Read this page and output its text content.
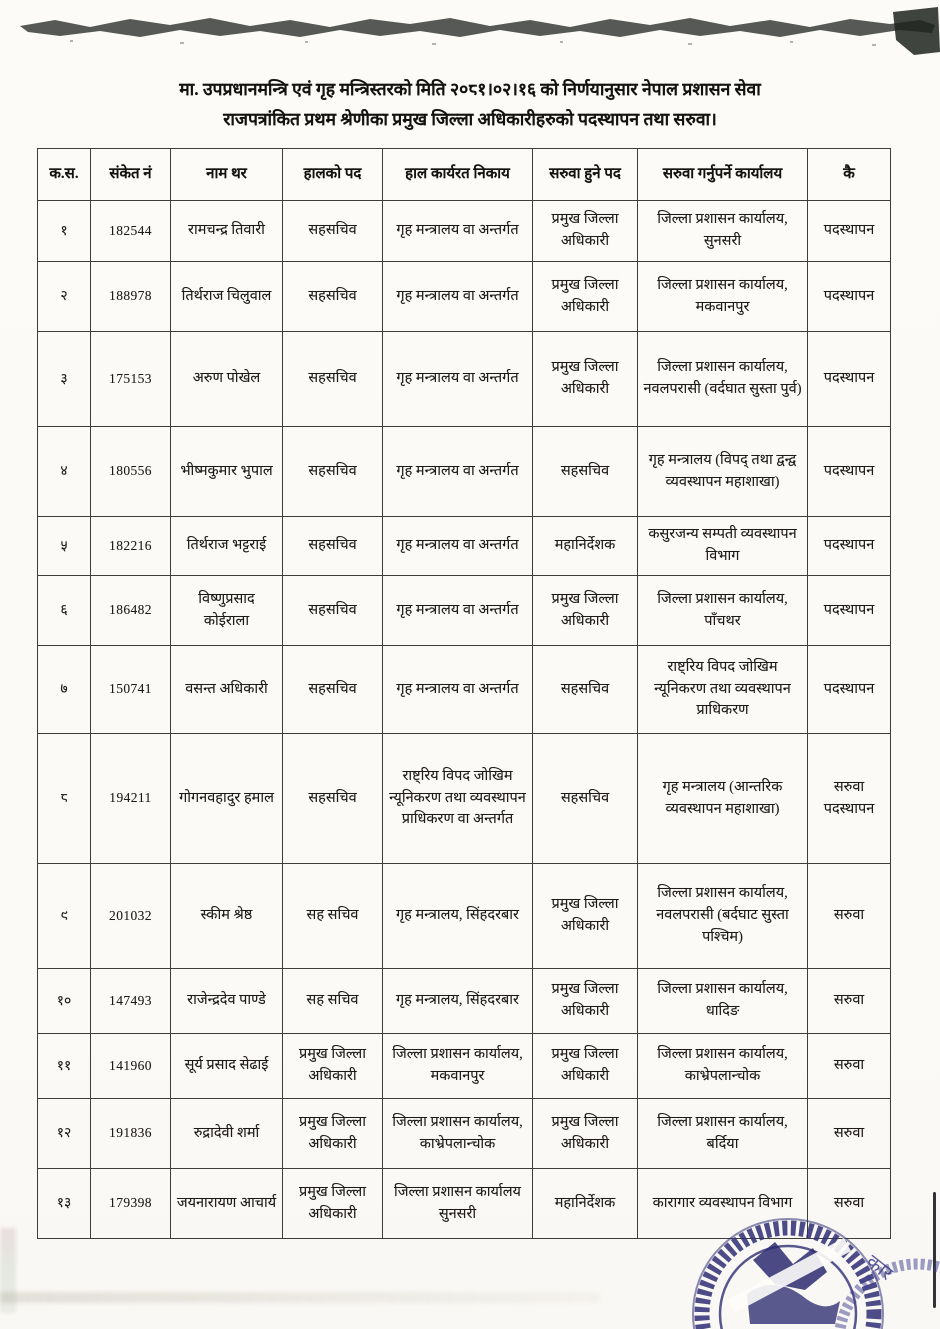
मा. उपप्रधानमन्त्रि एवं गृह मन्त्रिस्तरको मिति २०८१।०२।१६ को निर्णयानुसार नेपाल प्रशासन सेवा
राजपत्रांकित प्रथम श्रेणीका प्रमुख जिल्ला अधिकारीहरुको पदस्थापन तथा सरुवा।
क.स.	संकेत नं	नाम थर	हालको पद	हाल कार्यरत निकाय	सरुवा हुने पद	सरुवा गर्नुपर्ने कार्यालय	कै
१	182544	रामचन्द्र तिवारी	सहसचिव	गृह मन्त्रालय वा अन्तर्गत	प्रमुख जिल्ला अधिकारी	जिल्ला प्रशासन कार्यालय, सुनसरी	पदस्थापन
२	188978	तिर्थराज चिलुवाल	सहसचिव	गृह मन्त्रालय वा अन्तर्गत	प्रमुख जिल्ला अधिकारी	जिल्ला प्रशासन कार्यालय, मकवानपुर	पदस्थापन
३	175153	अरुण पोखेल	सहसचिव	गृह मन्त्रालय वा अन्तर्गत	प्रमुख जिल्ला अधिकारी	जिल्ला प्रशासन कार्यालय, नवलपरासी (वर्दघात सुस्ता पुर्व)	पदस्थापन
४	180556	भीष्मकुमार भुपाल	सहसचिव	गृह मन्त्रालय वा अन्तर्गत	सहसचिव	गृह मन्त्रालय (विपद् तथा द्वन्द्व व्यवस्थापन महाशाखा)	पदस्थापन
५	182216	तिर्थराज भट्टराई	सहसचिव	गृह मन्त्रालय वा अन्तर्गत	महानिर्देशक	कसुरजन्य सम्पती व्यवस्थापन विभाग	पदस्थापन
६	186482	विष्णुप्रसाद कोईराला	सहसचिव	गृह मन्त्रालय वा अन्तर्गत	प्रमुख जिल्ला अधिकारी	जिल्ला प्रशासन कार्यालय, पाँचथर	पदस्थापन
७	150741	वसन्त अधिकारी	सहसचिव	गृह मन्त्रालय वा अन्तर्गत	सहसचिव	राष्ट्रिय विपद जोखिम न्यूनिकरण तथा व्यवस्थापन प्राधिकरण	पदस्थापन
८	194211	गोगनवहादुर हमाल	सहसचिव	राष्ट्रिय विपद जोखिम न्यूनिकरण तथा व्यवस्थापन प्राधिकरण वा अन्तर्गत	सहसचिव	गृह मन्त्रालय (आन्तरिक व्यवस्थापन महाशाखा)	सरुवा पदस्थापन
९	201032	स्कीम श्रेष्ठ	सह सचिव	गृह मन्त्रालय, सिंहदरबार	प्रमुख जिल्ला अधिकारी	जिल्ला प्रशासन कार्यालय, नवलपरासी (बर्दघाट सुस्ता पश्चिम)	सरुवा
१०	147493	राजेन्द्रदेव पाण्डे	सह सचिव	गृह मन्त्रालय, सिंहदरबार	प्रमुख जिल्ला अधिकारी	जिल्ला प्रशासन कार्यालय, धादिङ	सरुवा
११	141960	सूर्य प्रसाद सेढाई	प्रमुख जिल्ला अधिकारी	जिल्ला प्रशासन कार्यालय, मकवानपुर	प्रमुख जिल्ला अधिकारी	जिल्ला प्रशासन कार्यालय, काभ्रेपलान्चोक	सरुवा
१२	191836	रुद्रादेवी शर्मा	प्रमुख जिल्ला अधिकारी	जिल्ला प्रशासन कार्यालय, काभ्रेपलान्चोक	प्रमुख जिल्ला अधिकारी	जिल्ला प्रशासन कार्यालय, बर्दिया	सरुवा
१३	179398	जयनारायण आचार्य	प्रमुख जिल्ला अधिकारी	जिल्ला प्रशासन कार्यालय सुनसरी	महानिर्देशक	कारागार व्यवस्थापन विभाग	सरुवा
कार
